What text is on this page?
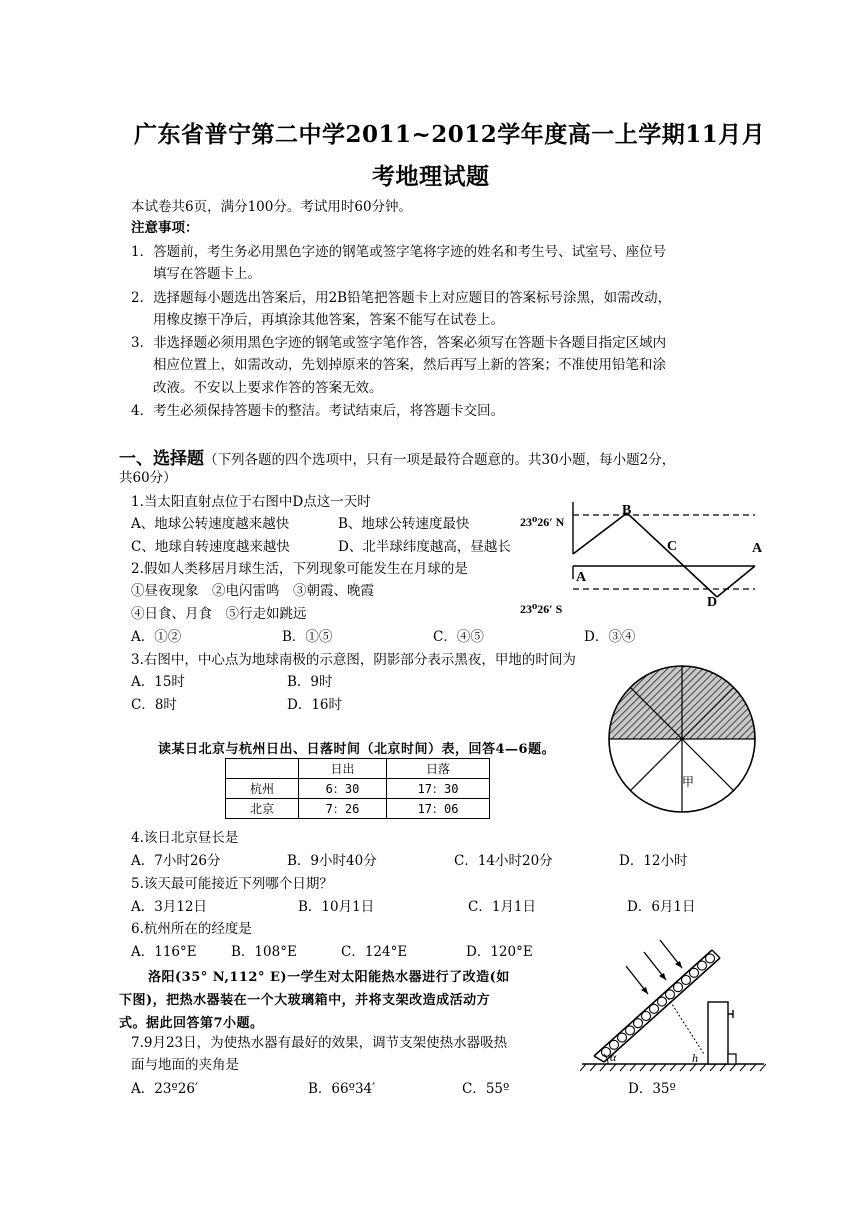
广东省普宁第二中学2011~2012学年度高一上学期11月月
考地理试题
本试卷共6页，满分100分。考试用时60分钟。
注意事项：
1．答题前，考生务必用黑色字迹的钢笔或签字笔将字迹的姓名和考生号、试室号、座位号
填写在答题卡上。
2．选择题每小题选出答案后，用2B铅笔把答题卡上对应题目的答案标号涂黑，如需改动，
用橡皮擦干净后，再填涂其他答案，答案不能写在试卷上。
3．非选择题必须用黑色字迹的钢笔或签字笔作答，答案必须写在答题卡各题目指定区域内
相应位置上，如需改动，先划掉原来的答案，然后再写上新的答案；不准使用铅笔和涂
改液。不安以上要求作答的答案无效。
4．考生必须保持答题卡的整洁。考试结束后，将答题卡交回。
一、选择题（下列各题的四个选项中，只有一项是最符合题意的。共30小题，每小题2分，
共60分）
1.当太阳直射点位于右图中D点这一天时
A、地球公转速度越来越快	B、地球公转速度最快
C、地球自转速度越来越快	D、北半球纬度越高，昼越长
2.假如人类移居月球生活，下列现象可能发生在月球的是
①昼夜现象　②电闪雷鸣　③朝霞、晚霞
④日食、月食　⑤行走如跳远
A．①②	B．①⑤	C．④⑤	D．③④
3.右图中，中心点为地球南极的示意图，阴影部分表示黑夜，甲地的时间为
A．15时	B．9时
C．8时	D．16时
23⁰26′ N
23⁰26′ S
B
C	A
A
D
甲
读某日北京与杭州日出、日落时间（北京时间）表，回答4—6题。
	日出	日落
杭州	6：30	17：30
北京	7：26	17：06
4.该日北京昼长是
A．7小时26分	B．9小时40分	C．14小时20分	D．12小时
5.该天最可能接近下列哪个日期？
A．3月12日	B．10月1日	C．1月1日	D．6月1日
6.杭州所在的经度是
A．116°E	B．108°E	C．124°E	D．120°E
洛阳(35° N,112° E)一学生对太阳能热水器进行了改造(如
下图)，把热水器装在一个大玻璃箱中，并将支架改造成活动方
式。据此回答第7小题。
7.9月23日，为使热水器有最好的效果，调节支架使热水器吸热
面与地面的夹角是
A．23º26′	B．66º34′	C．55º	D．35º
α	h
